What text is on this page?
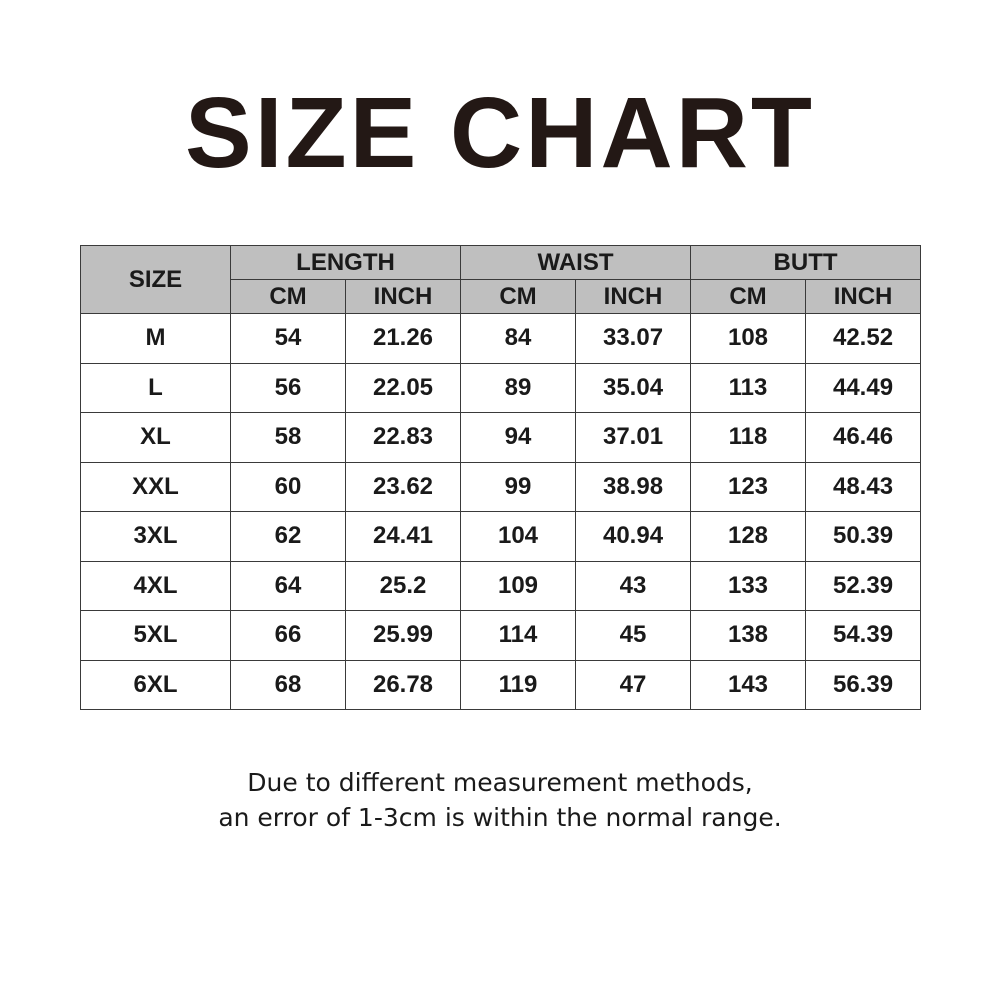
SIZE CHART
SIZE	LENGTH		WAIST		BUTT	
	CM	INCH	CM	INCH	CM	INCH
M	54	21.26	84	33.07	108	42.52
L	56	22.05	89	35.04	113	44.49
XL	58	22.83	94	37.01	118	46.46
XXL	60	23.62	99	38.98	123	48.43
3XL	62	24.41	104	40.94	128	50.39
4XL	64	25.2	109	43	133	52.39
5XL	66	25.99	114	45	138	54.39
6XL	68	26.78	119	47	143	56.39
Due to different measurement methods,
an error of 1-3cm is within the normal range.
